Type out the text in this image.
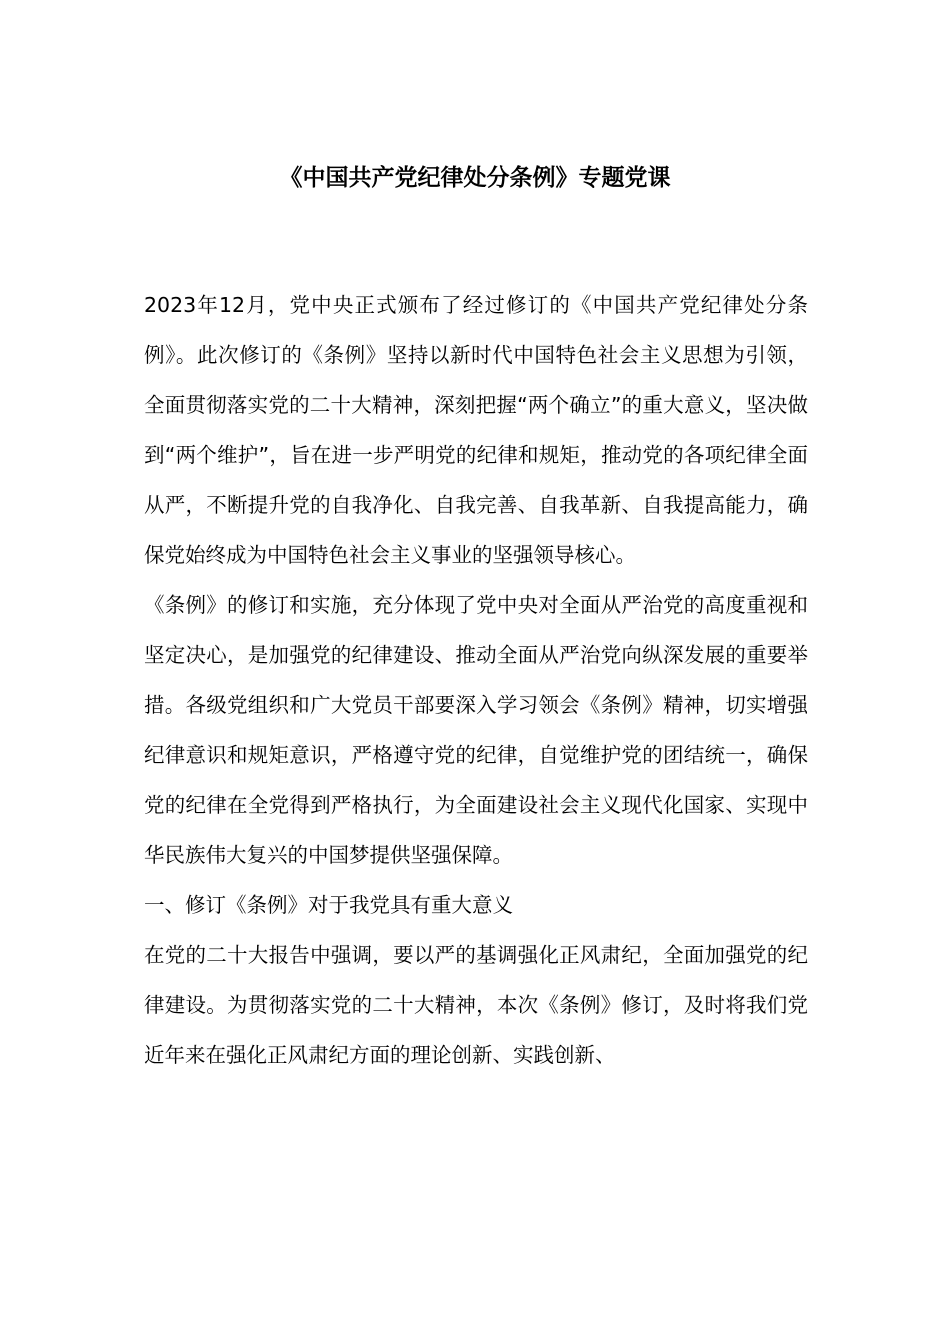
《中国共产党纪律处分条例》专题党课

2023年12月，党中央正式颁布了经过修订的《中国共产党纪律处分条例》。此次修订的《条例》坚持以新时代中国特色社会主义思想为引领，全面贯彻落实党的二十大精神，深刻把握“两个确立”的重大意义，坚决做到“两个维护”，旨在进一步严明党的纪律和规矩，推动党的各项纪律全面从严，不断提升党的自我净化、自我完善、自我革新、自我提高能力，确保党始终成为中国特色社会主义事业的坚强领导核心。

《条例》的修订和实施，充分体现了党中央对全面从严治党的高度重视和坚定决心，是加强党的纪律建设、推动全面从严治党向纵深发展的重要举措。各级党组织和广大党员干部要深入学习领会《条例》精神，切实增强纪律意识和规矩意识，严格遵守党的纪律，自觉维护党的团结统一，确保党的纪律在全党得到严格执行，为全面建设社会主义现代化国家、实现中华民族伟大复兴的中国梦提供坚强保障。

一、修订《条例》对于我党具有重大意义

在党的二十大报告中强调，要以严的基调强化正风肃纪，全面加强党的纪律建设。为贯彻落实党的二十大精神，本次《条例》修订，及时将我们党近年来在强化正风肃纪方面的理论创新、实践创新、
